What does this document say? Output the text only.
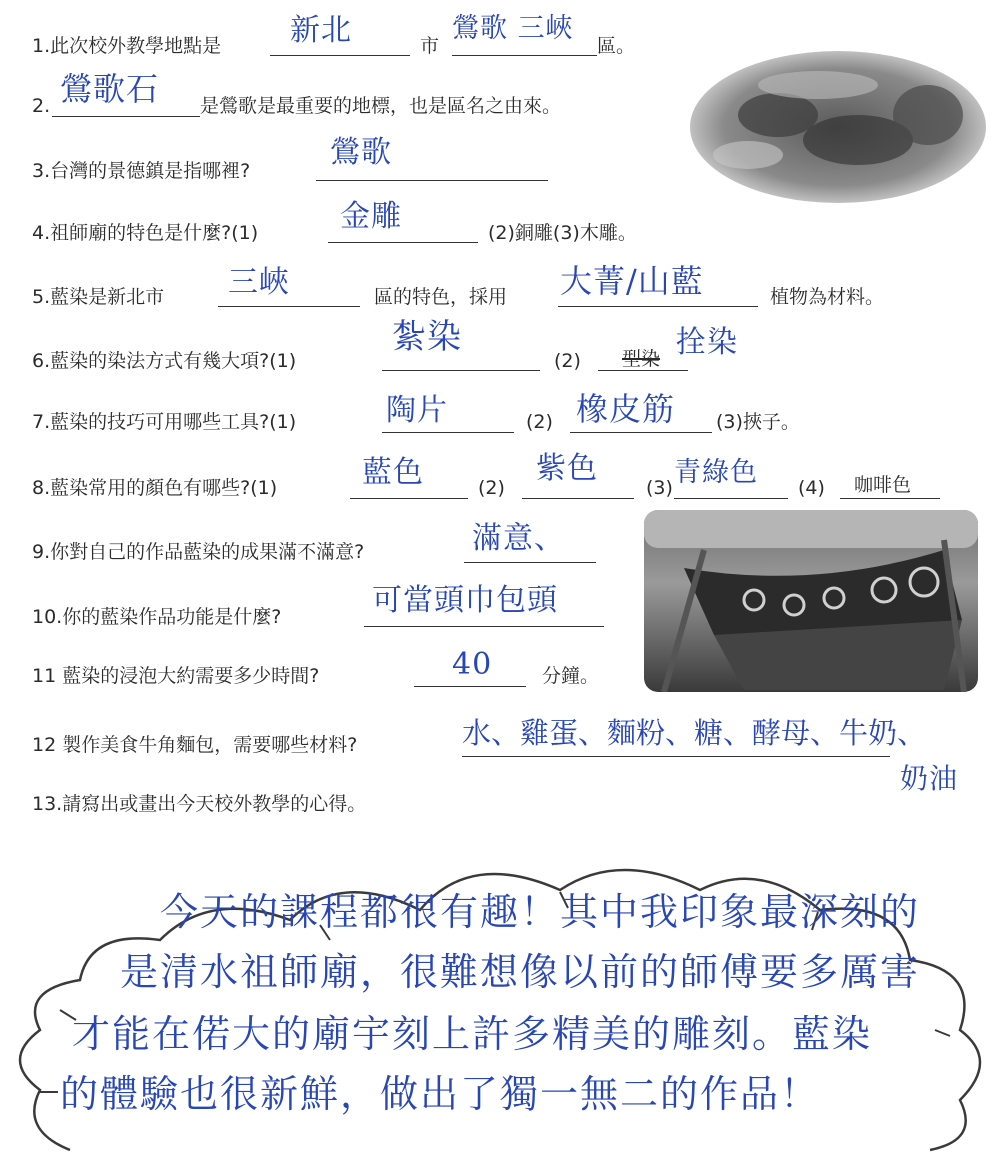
1.此次校外教學地點是 新北	市
鶯歌 三峽
區。
2. 鶯歌石 是鶯歌是最重要的地標，也是區名之由來。
3.台灣的景德鎮是指哪裡?
鶯歌
4.祖師廟的特色是什麼?(1)	金雕	(2)銅雕(3)木雕。
5.藍染是新北市 三峽	區的特色，採用 大菁/山藍	植物為材料。
6.藍染的染法方式有幾大項?(1)
紮染
(2) 型染 拴染
7.藍染的技巧可用哪些工具?(1)	陶片	(2) 橡皮筋 (3)挾子。
8.藍染常用的顏色有哪些?(1)	藍色	(2)
紫色
(3) 青綠色 (4) 咖啡色
9.你對自己的作品藍染的成果滿不滿意?	滿意、
10.你的藍染作品功能是什麼?	可當頭巾包頭
11 藍染的浸泡大約需要多少時間?	40	分鐘。
12 製作美食牛角麵包，需要哪些材料?	水、雞蛋、麵粉、糖、酵母、牛奶、
奶油
13.請寫出或畫出今天校外教學的心得。
今天的課程都很有趣！其中我印象最深刻的
是清水祖師廟，很難想像以前的師傅要多厲害
才能在偌大的廟宇刻上許多精美的雕刻。藍染
的體驗也很新鮮，做出了獨一無二的作品！
